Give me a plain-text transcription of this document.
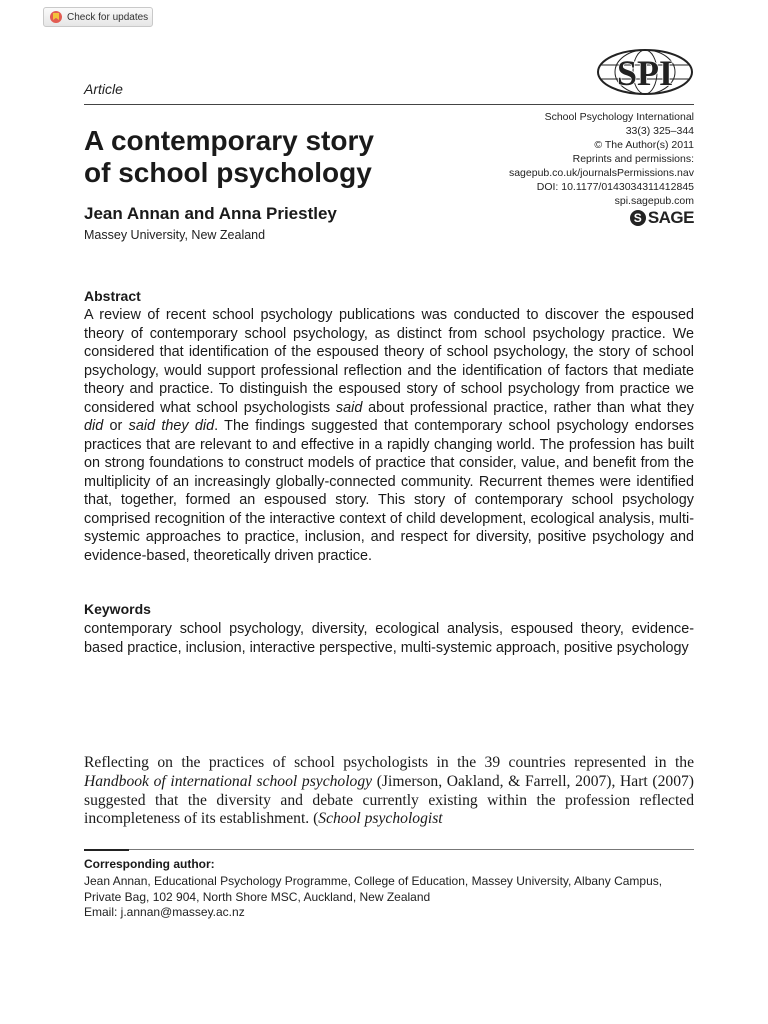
Check for updates
Article	SPI
School Psychology International
33(3) 325–344
© The Author(s) 2011
Reprints and permissions:
sagepub.co.uk/journalsPermissions.nav
DOI: 10.1177/0143034311412845
spi.sagepub.com
S SAGE
A contemporary story
of school psychology
Jean Annan and Anna Priestley
Massey University, New Zealand
Abstract
A review of recent school psychology publications was conducted to discover the espoused theory of contemporary school psychology, as distinct from school psychology practice. We considered that identification of the espoused theory of school psychology, the story of school psychology, would support professional reflection and the identification of factors that mediate theory and practice. To distinguish the espoused story of school psychology from practice we considered what school psychologists said about professional practice, rather than what they did or said they did. The findings suggested that contemporary school psychology endorses practices that are relevant to and effective in a rapidly changing world. The profession has built on strong foundations to construct models of practice that consider, value, and benefit from the multiplicity of an increasingly globally-connected community. Recurrent themes were identified that, together, formed an espoused story. This story of contemporary school psychology comprised recognition of the interactive context of child development, ecological analysis, multi-systemic approaches to practice, inclusion, and respect for diversity, positive psychology and evidence-based, theoretically driven practice.
Keywords
contemporary school psychology, diversity, ecological analysis, espoused theory, evidence-based practice, inclusion, interactive perspective, multi-systemic approach, positive psychology
Reflecting on the practices of school psychologists in the 39 countries represented in the Handbook of international school psychology (Jimerson, Oakland, & Farrell, 2007), Hart (2007) suggested that the diversity and debate currently existing within the profession reflected incompleteness of its establishment. (School psychologist
Corresponding author:
Jean Annan, Educational Psychology Programme, College of Education, Massey University, Albany Campus,
Private Bag, 102 904, North Shore MSC, Auckland, New Zealand
Email: j.annan@massey.ac.nz
